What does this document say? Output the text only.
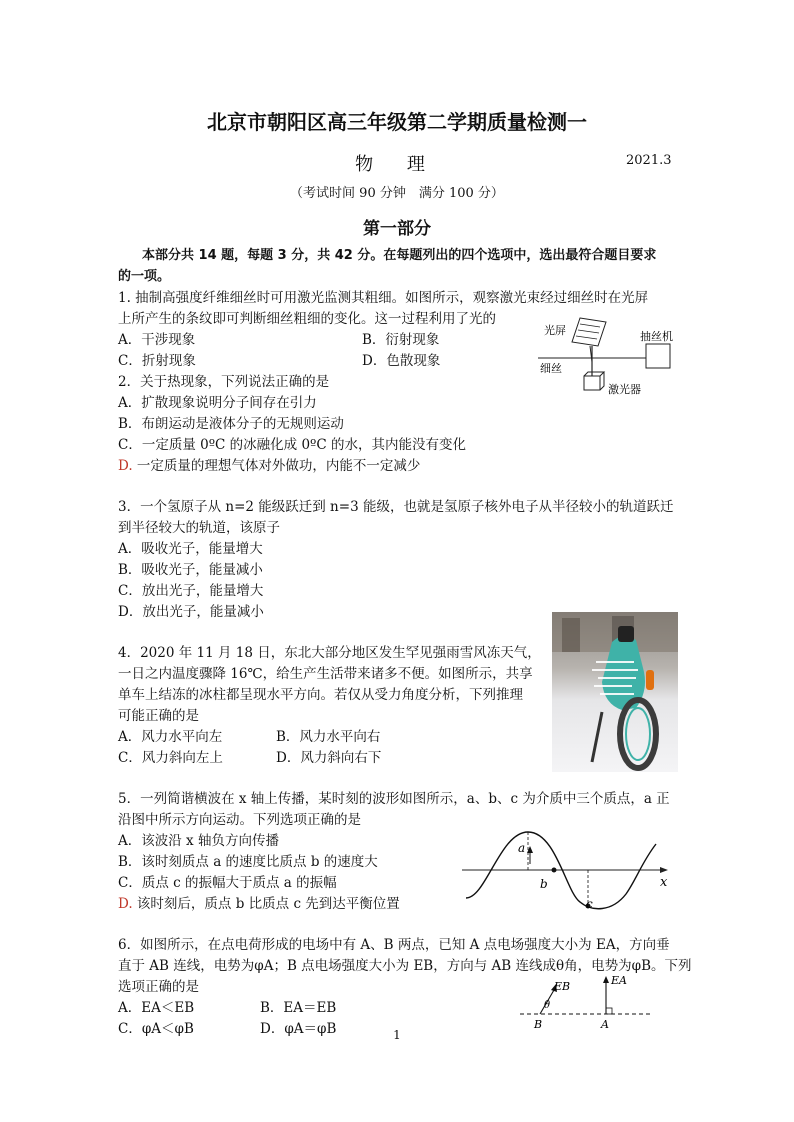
北京市朝阳区高三年级第二学期质量检测一
物 理	2021.3
（考试时间 90 分钟　满分 100 分）
第一部分
本部分共 14 题，每题 3 分，共 42 分。在每题列出的四个选项中，选出最符合题目要求
的一项。
1. 抽制高强度纤维细丝时可用激光监测其粗细。如图所示，观察激光束经过细丝时在光屏
上所产生的条纹即可判断细丝粗细的变化。这一过程利用了光的
A．干涉现象	B．衍射现象
C．折射现象	D．色散现象
光屏
细丝
抽丝机
激光器
2．关于热现象，下列说法正确的是
A．扩散现象说明分子间存在引力
B．布朗运动是液体分子的无规则运动
C．一定质量 0ºC 的冰融化成 0ºC 的水，其内能没有变化
D. 一定质量的理想气体对外做功，内能不一定减少
3．一个氢原子从 n=2 能级跃迁到 n=3 能级，也就是氢原子核外电子从半径较小的轨道跃迁
到半径较大的轨道，该原子
A．吸收光子，能量增大
B．吸收光子，能量减小
C．放出光子，能量增大
D．放出光子，能量减小
4．2020 年 11 月 18 日，东北大部分地区发生罕见强雨雪风冻天气，
一日之内温度骤降 16℃，给生产生活带来诸多不便。如图所示，共享
单车上结冻的冰柱都呈现水平方向。若仅从受力角度分析，下列推理
可能正确的是
A．风力水平向左	B．风力水平向右
C．风力斜向左上	D．风力斜向右下
5．一列简谐横波在 x 轴上传播，某时刻的波形如图所示，a、b、c 为介质中三个质点，a 正
沿图中所示方向运动。下列选项正确的是
A．该波沿 x 轴负方向传播
B．该时刻质点 a 的速度比质点 b 的速度大
C．质点 c 的振幅大于质点 a 的振幅
D. 该时刻后，质点 b 比质点 c 先到达平衡位置
x
a
b
c
6．如图所示，在点电荷形成的电场中有 A、B 两点，已知 A 点电场强度大小为 EA，方向垂
直于 AB 连线，电势为φA；B 点电场强度大小为 EB，方向与 AB 连线成θ角，电势为φB。下列
选项正确的是
A．EA＜EB	B．EA＝EB
C．φA＜φB	D．φA＝φB
EB
θ
B
EA
A
1
